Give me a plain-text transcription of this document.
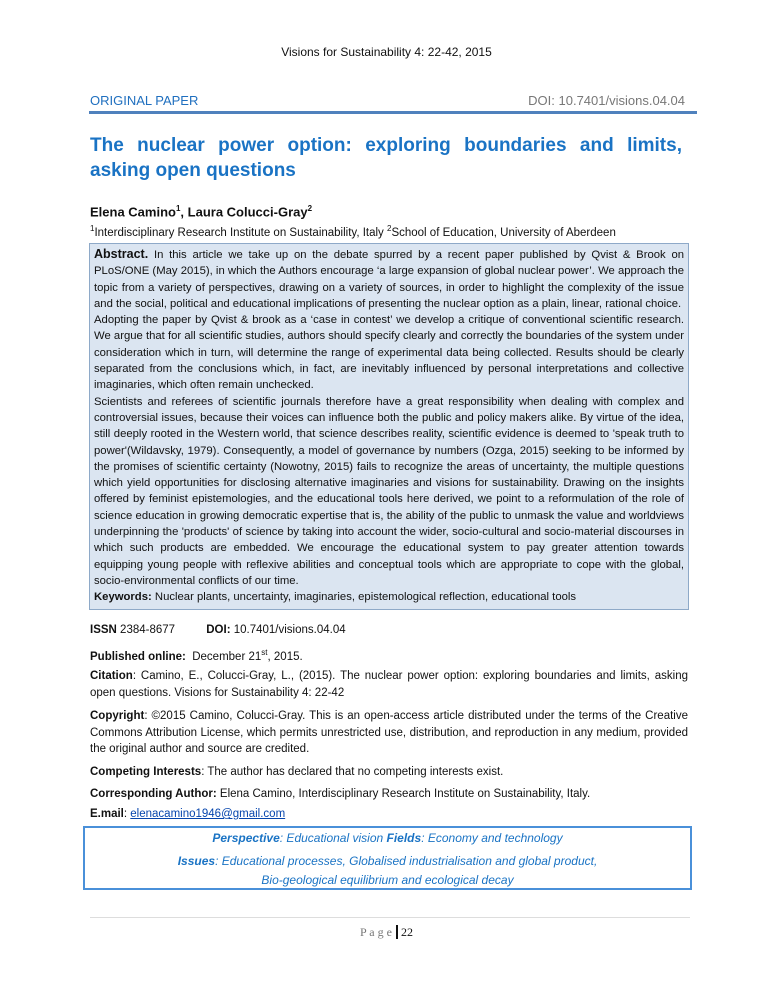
Visions for Sustainability 4: 22-42, 2015
ORIGINAL PAPER	DOI: 10.7401/visions.04.04
The nuclear power option: exploring boundaries and limits, asking open questions
Elena Camino$^1$, Laura Colucci-Gray$^2$
$^1$Interdisciplinary Research Institute on Sustainability, Italy $^2$School of Education, University of Aberdeen

Abstract. In this article we take up on the debate spurred by a recent paper published by Qvist & Brook on PLoS/ONE (May 2015), in which the Authors encourage ‘a large expansion of global nuclear power’. We approach the topic from a variety of perspectives, drawing on a variety of sources, in order to highlight the complexity of the issue and the social, political and educational implications of presenting the nuclear option as a plain, linear, rational choice.

Adopting the paper by Qvist & brook as a ‘case in contest’ we develop a critique of conventional scientific research. We argue that for all scientific studies, authors should specify clearly and correctly the boundaries of the system under consideration which in turn, will determine the range of experimental data being collected. Results should be clearly separated from the conclusions which, in fact, are inevitably influenced by personal interpretations and collective imaginaries, which often remain unchecked.

Scientists and referees of scientific journals therefore have a great responsibility when dealing with complex and controversial issues, because their voices can influence both the public and policy makers alike. By virtue of the idea, still deeply rooted in the Western world, that science describes reality, scientific evidence is deemed to 'speak truth to power'(Wildavsky, 1979). Consequently, a model of governance by numbers (Ozga, 2015) seeking to be informed by the promises of scientific certainty (Nowotny, 2015) fails to recognize the areas of uncertainty, the multiple questions which yield opportunities for disclosing alternative imaginaries and visions for sustainability. Drawing on the insights offered by feminist epistemologies, and the educational tools here derived, we point to a reformulation of the role of science education in growing democratic expertise that is, the ability of the public to unmask the value and worldviews underpinning the 'products' of science by taking into account the wider, socio-cultural and socio-material discourses in which such products are embedded. We encourage the educational system to pay greater attention towards equipping young people with reflexive abilities and conceptual tools which are appropriate to cope with the global, socio-environmental conflicts of our time.

Keywords: Nuclear plants, uncertainty, imaginaries, epistemological reflection, educational tools

ISSN 2384-8677	DOI: 10.7401/visions.04.04
Published online: December 21st, 2015.
Citation: Camino, E., Colucci-Gray, L., (2015). The nuclear power option: exploring boundaries and limits, asking open questions. Visions for Sustainability 4: 22-42
Copyright: ©2015 Camino, Colucci-Gray. This is an open-access article distributed under the terms of the Creative Commons Attribution License, which permits unrestricted use, distribution, and reproduction in any medium, provided the original author and source are credited.
Competing Interests: The author has declared that no competing interests exist.
Corresponding Author: Elena Camino, Interdisciplinary Research Institute on Sustainability, Italy.
E.mail: elenacamino1946@gmail.com
Perspective: Educational vision Fields: Economy and technology
Issues: Educational processes, Globalised industrialisation and global product,
Bio-geological equilibrium and ecological decay
P a g e 22
